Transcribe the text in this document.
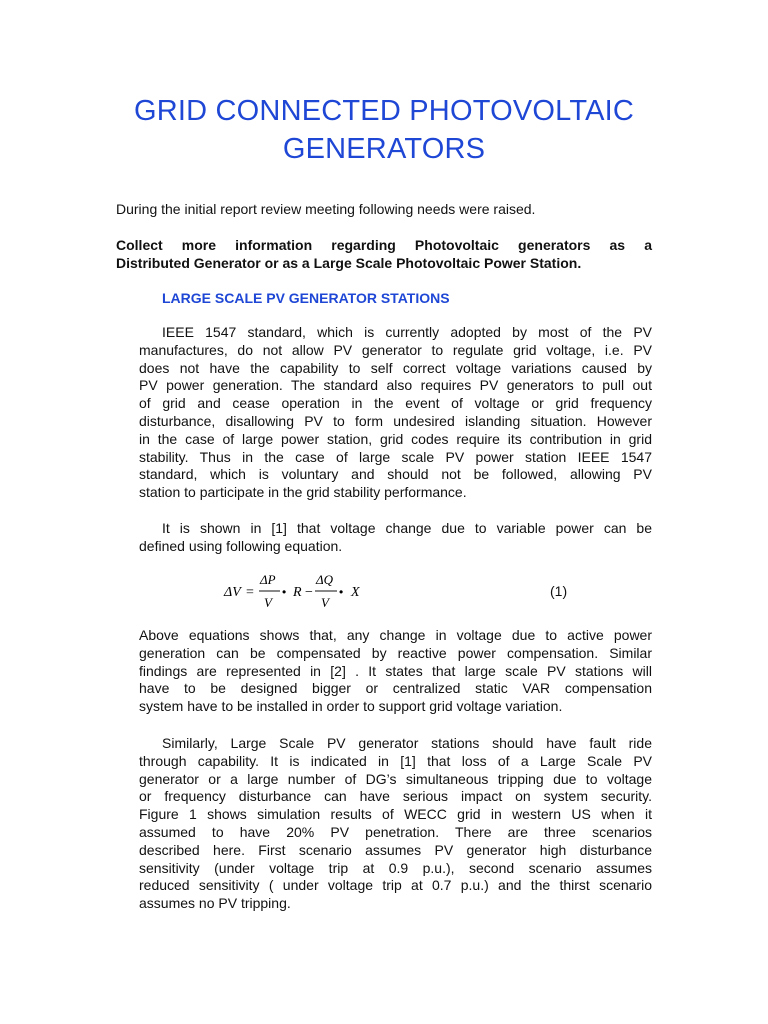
GRID CONNECTED PHOTOVOLTAIC
GENERATORS

During the initial report review meeting following needs were raised.

Collect more information regarding Photovoltaic generators as a
Distributed Generator or as a Large Scale Photovoltaic Power Station.

LARGE SCALE PV GENERATOR STATIONS

IEEE 1547 standard, which is currently adopted by most of the PV
manufactures, do not allow PV generator to regulate grid voltage, i.e. PV
does not have the capability to self correct voltage variations caused by
PV power generation. The standard also requires PV generators to pull out
of grid and cease operation in the event of voltage or grid frequency
disturbance, disallowing PV to form undesired islanding situation. However
in the case of large power station, grid codes require its contribution in grid
stability. Thus in the case of large scale PV power station IEEE 1547
standard, which is voluntary and should not be followed, allowing PV
station to participate in the grid stability performance.

It is shown in [1] that voltage change due to variable power can be
defined using following equation.

ΔV =
ΔP
V
• R −
ΔQ
V
• X	(1)

Above equations shows that, any change in voltage due to active power
generation can be compensated by reactive power compensation. Similar
findings are represented in [2] . It states that large scale PV stations will
have to be designed bigger or centralized static VAR compensation
system have to be installed in order to support grid voltage variation.

Similarly, Large Scale PV generator stations should have fault ride
through capability. It is indicated in [1] that loss of a Large Scale PV
generator or a large number of DG’s simultaneous tripping due to voltage
or frequency disturbance can have serious impact on system security.
Figure 1 shows simulation results of WECC grid in western US when it
assumed to have 20% PV penetration. There are three scenarios
described here. First scenario assumes PV generator high disturbance
sensitivity (under voltage trip at 0.9 p.u.), second scenario assumes
reduced sensitivity ( under voltage trip at 0.7 p.u.) and the thirst scenario
assumes no PV tripping.
